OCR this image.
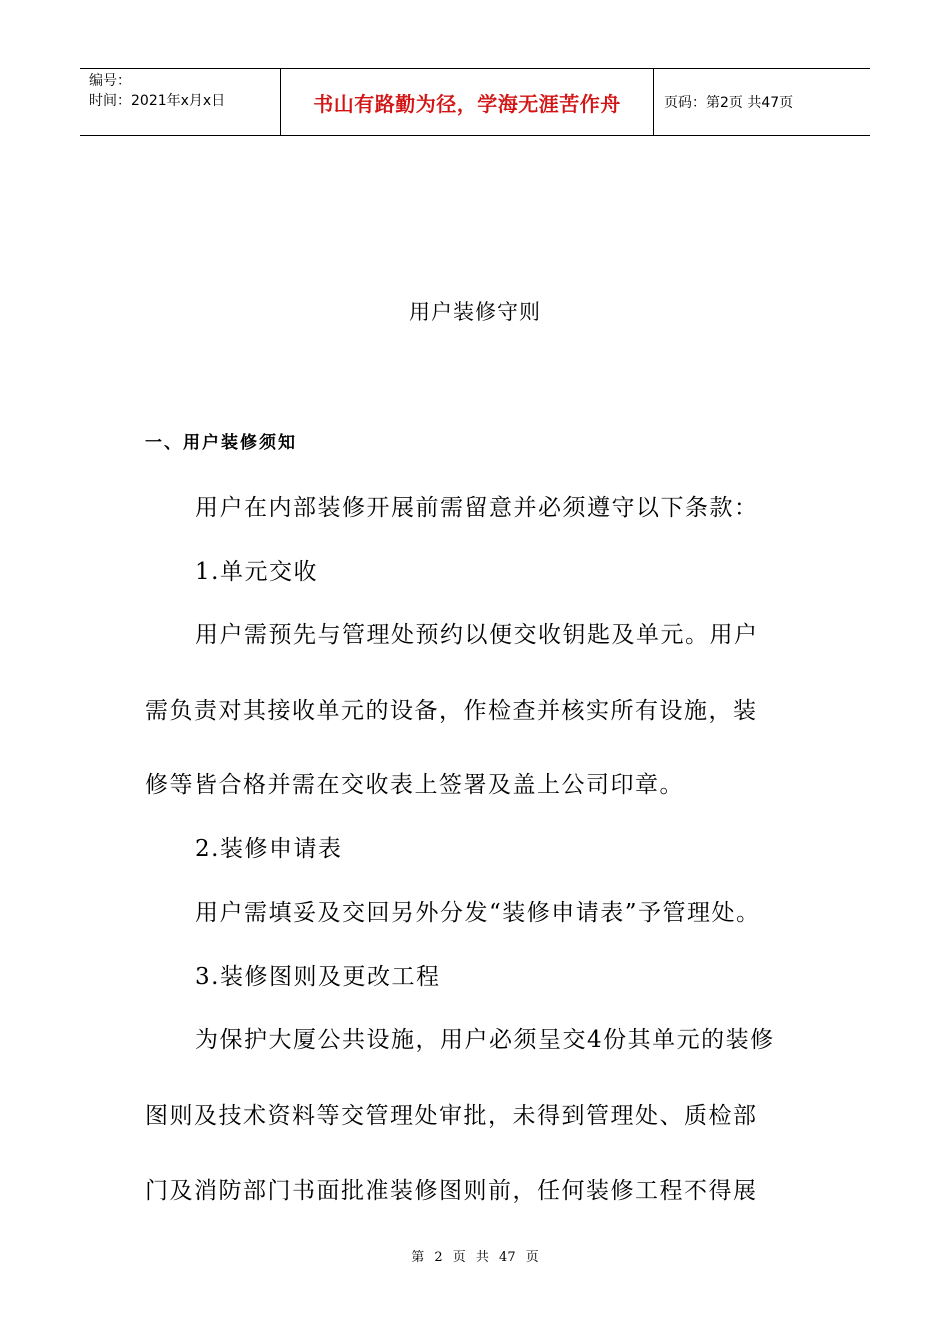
编号：
时间：2021年x月x日	书山有路勤为径，学海无涯苦作舟	页码：第2页 共47页
用户装修守则
一、用户装修须知
用户在内部装修开展前需留意并必须遵守以下条款：
1.单元交收
用户需预先与管理处预约以便交收钥匙及单元。用户
需负责对其接收单元的设备，作检查并核实所有设施，装
修等皆合格并需在交收表上签署及盖上公司印章。
2.装修申请表
用户需填妥及交回另外分发“装修申请表”予管理处。
3.装修图则及更改工程
为保护大厦公共设施，用户必须呈交4份其单元的装修
图则及技术资料等交管理处审批，未得到管理处、质检部
门及消防部门书面批准装修图则前，任何装修工程不得展
第 2 页 共 47 页
